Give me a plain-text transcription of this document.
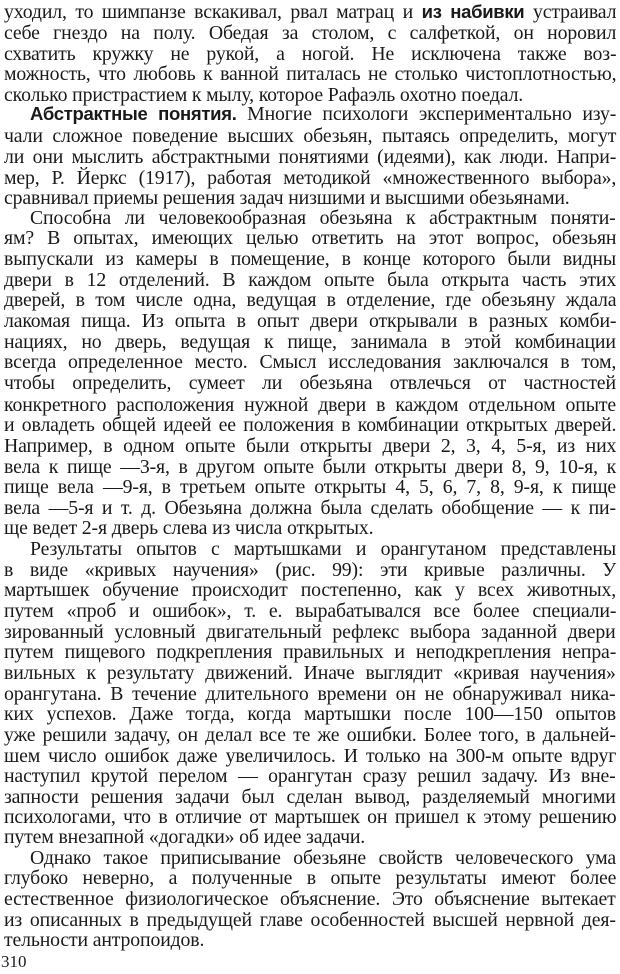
уходил, то шимпанзе вскакивал, рвал матрац и из набивки устраивал
себе гнездо на полу. Обедая за столом, с салфеткой, он норовил
схватить кружку не рукой, а ногой. Не исключена также воз-
можность, что любовь к ванной питалась не столько чистоплотностью,
сколько пристрастием к мылу, которое Рафаэль охотно поедал.
Абстрактные понятия. Многие психологи экспериментально изу-
чали сложное поведение высших обезьян, пытаясь определить, могут
ли они мыслить абстрактными понятиями (идеями), как люди. Напри-
мер, Р. Йеркс (1917), работая методикой «множественного выбора»,
сравнивал приемы решения задач низшими и высшими обезьянами.
Способна ли человекообразная обезьяна к абстрактным поняти-
ям? В опытах, имеющих целью ответить на этот вопрос, обезьян
выпускали из камеры в помещение, в конце которого были видны
двери в 12 отделений. В каждом опыте была открыта часть этих
дверей, в том числе одна, ведущая в отделение, где обезьяну ждала
лакомая пища. Из опыта в опыт двери открывали в разных комби-
нациях, но дверь, ведущая к пище, занимала в этой комбинации
всегда определенное место. Смысл исследования заключался в том,
чтобы определить, сумеет ли обезьяна отвлечься от частностей
конкретного расположения нужной двери в каждом отдельном опыте
и овладеть общей идеей ее положения в комбинации открытых дверей.
Например, в одном опыте были открыты двери 2, 3, 4, 5-я, из них
вела к пище —3-я, в другом опыте были открыты двери 8, 9, 10-я, к
пище вела —9-я, в третьем опыте открыты 4, 5, 6, 7, 8, 9-я, к пище
вела —5-я и т. д. Обезьяна должна была сделать обобщение — к пи-
ще ведет 2-я дверь слева из числа открытых.
Результаты опытов с мартышками и орангутаном представлены
в виде «кривых научения» (рис. 99): эти кривые различны. У
мартышек обучение происходит постепенно, как у всех животных,
путем «проб и ошибок», т. е. вырабатывался все более специали-
зированный условный двигательный рефлекс выбора заданной двери
путем пищевого подкрепления правильных и неподкрепления непра-
вильных к результату движений. Иначе выглядит «кривая научения»
орангутана. В течение длительного времени он не обнаруживал ника-
ких успехов. Даже тогда, когда мартышки после 100—150 опытов
уже решили задачу, он делал все те же ошибки. Более того, в дальней-
шем число ошибок даже увеличилось. И только на 300-м опыте вдруг
наступил крутой перелом — орангутан сразу решил задачу. Из вне-
запности решения задачи был сделан вывод, разделяемый многими
психологами, что в отличие от мартышек он пришел к этому решению
путем внезапной «догадки» об идее задачи.
Однако такое приписывание обезьяне свойств человеческого ума
глубоко неверно, а полученные в опыте результаты имеют более
естественное физиологическое объяснение. Это объяснение вытекает
из описанных в предыдущей главе особенностей высшей нервной дея-
тельности антропоидов.
310
